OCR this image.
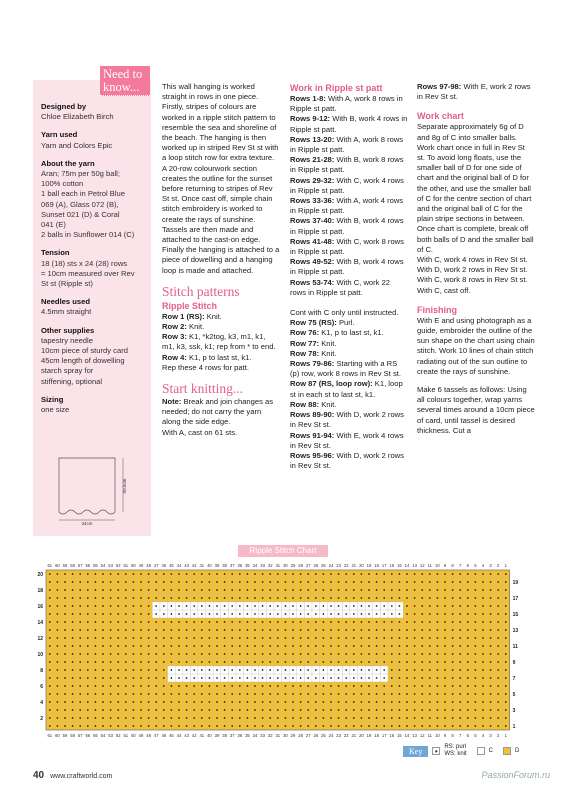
Designed by
Chloe Elizabeth Birch
Yarn used
Yarn and Colors Epic
About the yarn
Aran; 75m per 50g ball;
100% cotton
1 ball each in Petrol Blue
069 (A), Glass 072 (B),
Sunset 021 (D) & Coral
041 (E)
2 balls in Sunflower 014 (C)
Tension
18 (18) sts x 24 (28) rows
= 10cm measured over Rev
St st (Ripple st)
Needles used
4.5mm straight
Other supplies
tapestry needle
10cm piece of sturdy card
45cm length of dowelling
starch spray for
stiffening, optional
Sizing
one size
34cm
50.5cm
Need to know...	This wall hanging is worked straight in rows in one piece. Firstly, stripes of colours are worked in a ripple stitch pattern to resemble the sea and shoreline of the beach. The hanging is then worked up in striped Rev St st with a loop stitch row for extra texture. A 20-row colourwork section creates the outline for the sunset before returning to stripes of Rev St st. Once cast off, simple chain stitch embroidery is worked to create the rays of sunshine. Tassels are then made and attached to the cast-on edge. Finally the hanging is attached to a piece of dowelling and a hanging loop is made and attached.
Stitch patterns
Ripple Stitch
Row 1 (RS): Knit.
Row 2: Knit.
Row 3: K1, *k2tog, k3, m1, k1, m1, k3, ssk, k1; rep from * to end.
Row 4: K1, p to last st, k1.
Rep these 4 rows for patt.
Start knitting...
Note: Break and join changes as needed; do not carry the yarn along the side edge.
With A, cast on 61 sts.
Work in Ripple st patt
Rows 1-8: With A, work 8 rows in Ripple st patt.
Rows 9-12: With B, work 4 rows in Ripple st patt.
Rows 13-20: With A, work 8 rows in Ripple st patt.
Rows 21-28: With B, work 8 rows in Ripple st patt.
Rows 29-32: With C, work 4 rows in Ripple st patt.
Rows 33-36: With A, work 4 rows in Ripple st patt.
Rows 37-40: With B, work 4 rows in Ripple st patt.
Rows 41-48: With C, work 8 rows in Ripple st patt.
Rows 49-52: With B, work 4 rows in Ripple st patt.
Rows 53-74: With C, work 22 rows in Ripple st patt.
Cont with C only until instructed.
Row 75 (RS): Purl.
Row 76: K1, p to last st, k1.
Row 77: Knit.
Row 78: Knit.
Rows 79-86: Starting with a RS (p) row, work 8 rows in Rev St st.
Row 87 (RS, loop row): K1, loop st in each st to last st, k1.
Row 88: Knit.
Rows 89-90: With D, work 2 rows in Rev St st.
Rows 91-94: With E, work 4 rows in Rev St st.
Rows 95-96: With D, work 2 rows in Rev St st.
Rows 97-98: With E, work 2 rows in Rev St st.
Work chart
Separate approximately 6g of D and 8g of C into smaller balls. Work chart once in full in Rev St st. To avoid long floats, use the smaller ball of D for one side of chart and the original ball of D for the other, and use the smaller ball of C for the centre section of chart and the original ball of C for the plain stripe sections in between.
Once chart is complete, break off both balls of D and the smaller ball of C.
With C, work 4 rows in Rev St st.
With D, work 2 rows in Rev St st.
With C, work 8 rows in Rev St st.
With C, cast off.
Finishing
With E and using photograph as a guide, embroider the outline of the sun shape on the chart using chain stitch. Work 10 lines of chain stitch radiating out of the sun outline to create the rays of sunshine.
Make 6 tassels as follows: Using all colours together, wrap yarns several times around a 10cm piece of card, until tassel is desired thickness. Cut a
Ripple Stitch Chart
61
61
60
60
59
59
58
58
57
57
56
56
55
55
54
54
53
53
52
52
51
51
50
50
49
49
48
48
47
47
46
46
45
45
44
44
43
43
42
42
41
41
40
40
39
39
38
38
37
37
36
36
35
35
34
34
33
33
32
32
31
31
30
30
29
29
28
28
27
27
26
26
25
25
24
24
23
23
22
22
21
21
20
20
19
19
18
18
17
17
16
16
15
15
14
14
13
13
12
12
11
11
10
10
9
9
8
8
7
7
6
6
5
5
4
4
3
3
2
2
1
1
20
19
18
17
16
15
14
13
12
11
10
9
8
7
6
5
4
3
2
1
Key	•	RS: purl
WS: knit	C	D
40 www.craftworld.com	PassionForum.ru
